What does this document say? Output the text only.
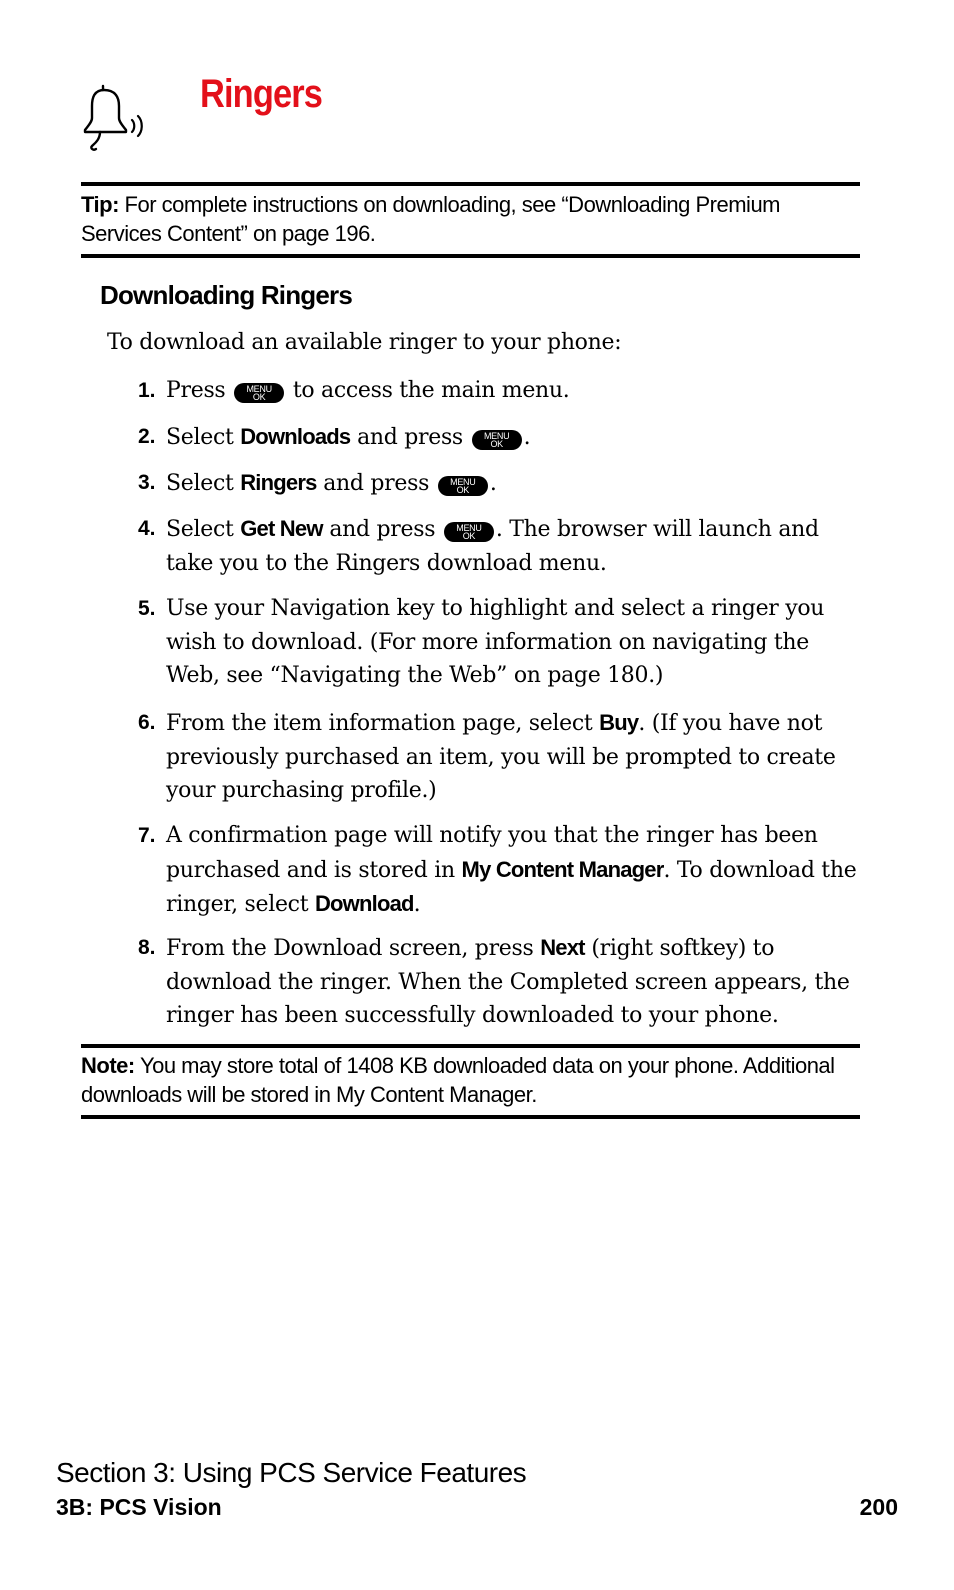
Ringers

Tip: For complete instructions on downloading, see “Downloading Premium Services Content” on page 196.

Downloading Ringers

To download an available ringer to your phone:

1. Press	MENU
OK	to access the main menu.
2. Select Downloads and press	MENU
OK .
3. Select Ringers and press	MENU
OK .
4. Select Get New and press	MENU
OK . The browser will launch and take you to the Ringers download menu.
5. Use your Navigation key to highlight and select a ringer you wish to download. (For more information on navigating the Web, see “Navigating the Web” on page 180.)
6. From the item information page, select Buy. (If you have not previously purchased an item, you will be prompted to create your purchasing profile.)
7. A confirmation page will notify you that the ringer has been purchased and is stored in My Content Manager. To download the ringer, select Download.
8. From the Download screen, press Next (right softkey) to download the ringer. When the Completed screen appears, the ringer has been successfully downloaded to your phone.

Note: You may store total of 1408 KB downloaded data on your phone. Additional downloads will be stored in My Content Manager.

Section 3: Using PCS Service Features

3B: PCS Vision	200
